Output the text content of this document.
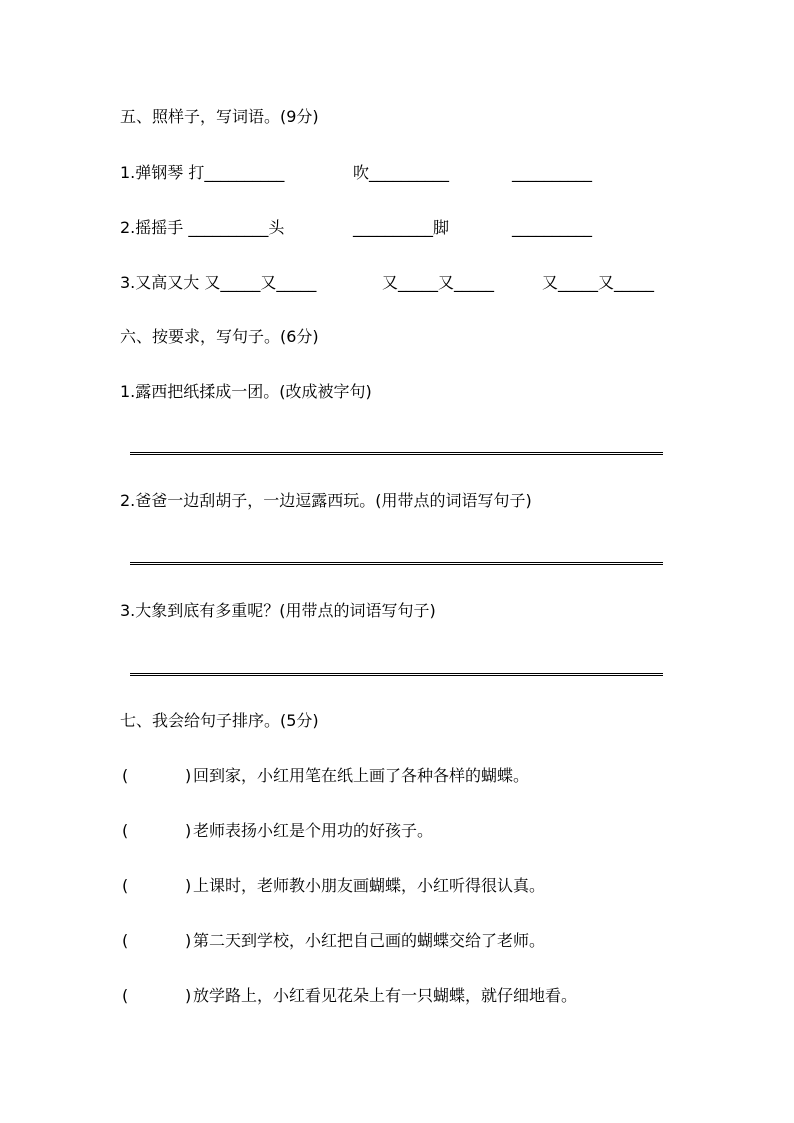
五、照样子，写词语。(9分)
1.弹钢琴 打__________	吹__________	__________
2.摇摇手 __________头	__________脚	__________
3.又高又大 又_____又_____	又_____又_____	又_____又_____
六、按要求，写句子。(6分)
1.露西把纸揉成一团。(改成被字句)
2.爸爸一边刮胡子，一边逗露西玩。(用带点的词语写句子)
3.大象到底有多重呢？(用带点的词语写句子)
七、我会给句子排序。(5分)
(	) 回到家，小红用笔在纸上画了各种各样的蝴蝶。
(	) 老师表扬小红是个用功的好孩子。
(	) 上课时，老师教小朋友画蝴蝶，小红听得很认真。
(	) 第二天到学校，小红把自己画的蝴蝶交给了老师。
(	) 放学路上，小红看见花朵上有一只蝴蝶，就仔细地看。
